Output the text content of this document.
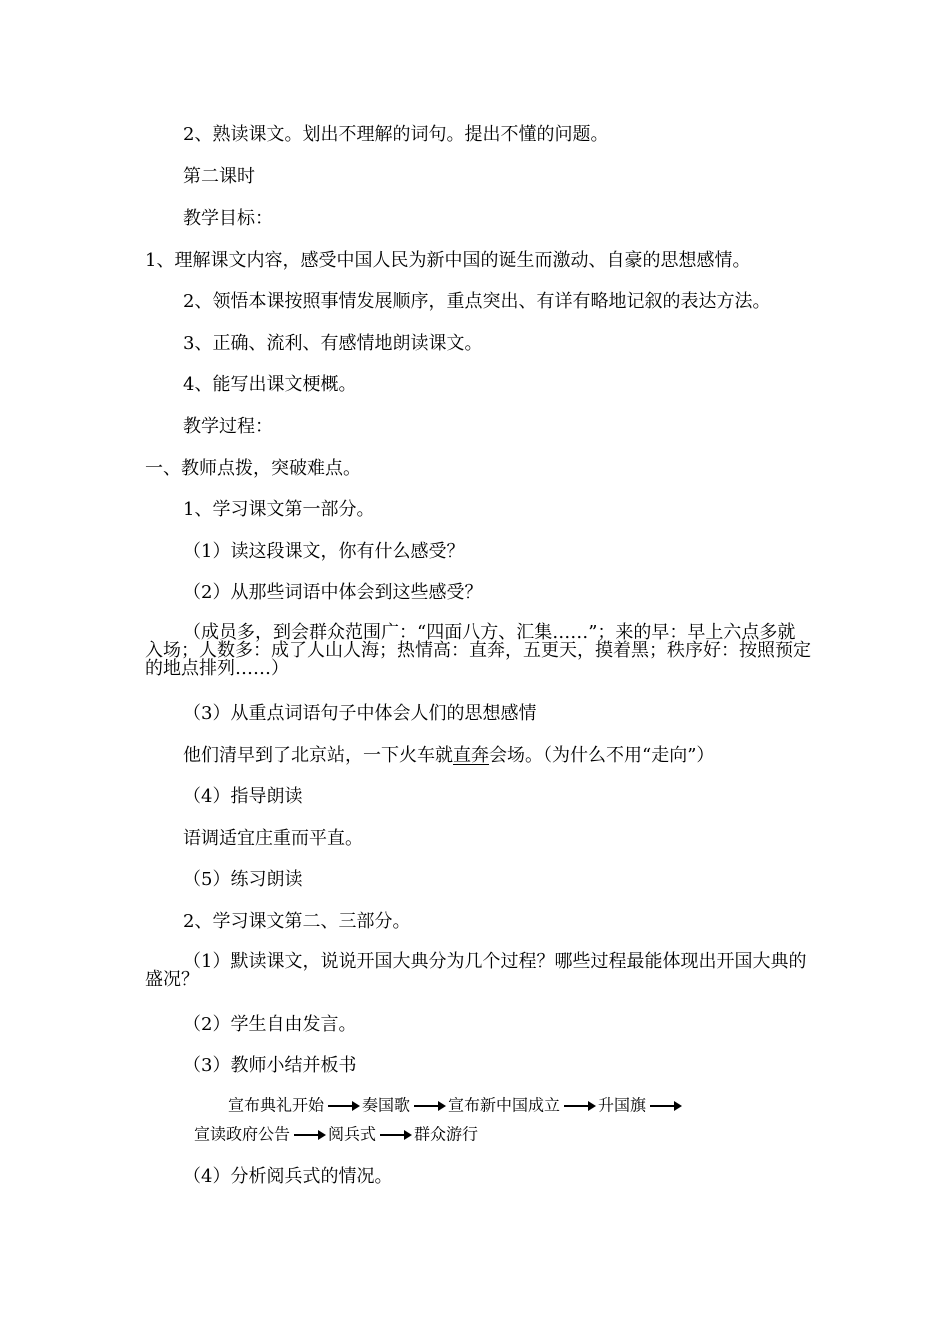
2、熟读课文。划出不理解的词句。提出不懂的问题。
第二课时
教学目标：
1、理解课文内容，感受中国人民为新中国的诞生而激动、自豪的思想感情。
2、领悟本课按照事情发展顺序，重点突出、有详有略地记叙的表达方法。
3、正确、流利、有感情地朗读课文。
4、能写出课文梗概。
教学过程：
一、教师点拨，突破难点。
1、学习课文第一部分。
（1）读这段课文，你有什么感受？
（2）从那些词语中体会到这些感受？
（成员多，到会群众范围广：“四面八方、汇集……”；来的早：早上六点多就入场；人数多：成了人山人海；热情高：直奔，五更天，摸着黑；秩序好：按照预定的地点排列……）
（3）从重点词语句子中体会人们的思想感情
他们清早到了北京站，一下火车就直奔会场。（为什么不用“走向”）
（4）指导朗读
语调适宜庄重而平直。
（5）练习朗读
2、学习课文第二、三部分。
（1）默读课文，说说开国大典分为几个过程？哪些过程最能体现出开国大典的盛况？
（2）学生自由发言。
（3）教师小结并板书
宣布典礼开始 奏国歌 宣布新中国成立 升国旗
宣读政府公告 阅兵式 群众游行
（4）分析阅兵式的情况。
